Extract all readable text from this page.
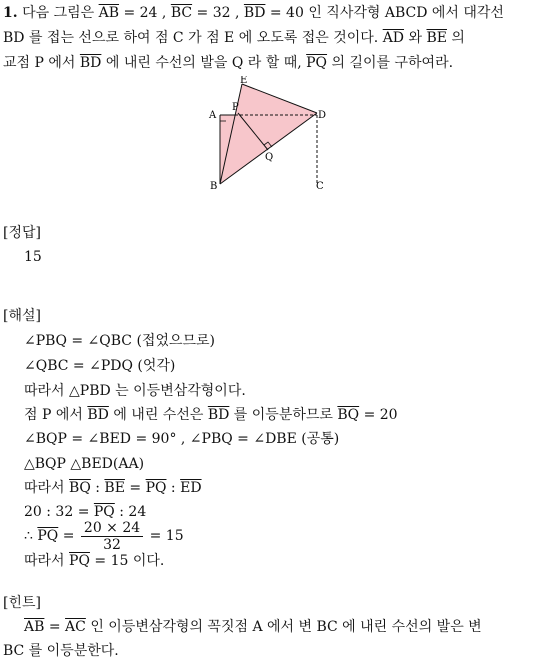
1. 다음 그림은 $\overline{AB} = 24$ , $\overline{BC} = 32$ , $\overline{BD} = 40$ 인 직사각형 ABCD 에서 대각선
BD 를 접는 선으로 하여 점 C 가 점 E 에 오도록 접은 것이다. $\overline{AD}$ 와 $\overline{BE}$ 의
교점 P 에서 $\overline{BD}$ 에 내린 수선의 발을 Q 라 할 때, $\overline{PQ}$ 의 길이를 구하여라.
A
B	C
D
E
P
Q
[정답]
15
[해설]
∠PBQ = ∠QBC (접었으므로)
∠QBC = ∠PDQ (엇각)
따라서 △PBD 는 이등변삼각형이다.
점 P 에서 $\overline{BD}$ 에 내린 수선은 $\overline{BD}$ 를 이등분하므로 $\overline{BQ} = 20$
∠BQP = ∠BED = 90° , ∠PBQ = ∠DBE (공통)
△BQP △BED(AA)
따라서 $\overline{BQ}$ : $\overline{BE} = \overline{PQ}$ : $\overline{ED}$
20 : $32 = \overline{PQ}$ : 24
∴ $\overline{PQ} = \frac{20 \times 24}{32} = 15$
따라서 $\overline{PQ} = 15$ 이다.
[힌트]
$\overline{AB} = \overline{AC}$ 인 이등변삼각형의 꼭짓점 A 에서 변 BC 에 내린 수선의 발은 변
BC 를 이등분한다.
